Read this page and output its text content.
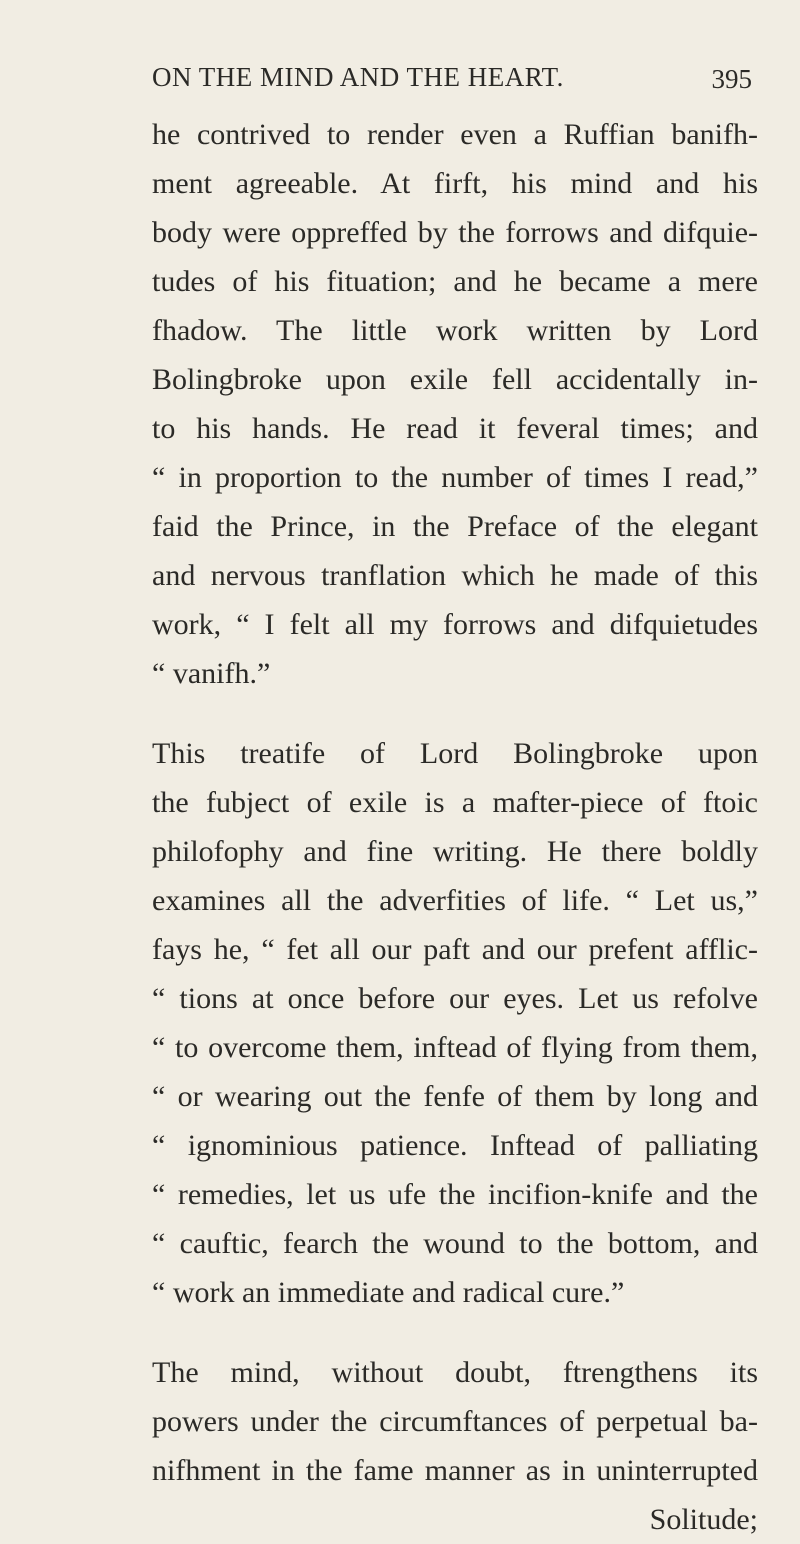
ON THE MIND AND THE HEART.	395
he contrived to render even a Ruffian banifh-
ment agreeable. At firft, his mind and his
body were oppreffed by the forrows and difquie-
tudes of his fituation; and he became a mere
fhadow. The little work written by Lord
Bolingbroke upon exile fell accidentally in-
to his hands. He read it feveral times; and
“ in proportion to the number of times I read,”
faid the Prince, in the Preface of the elegant
and nervous tranflation which he made of this
work, “ I felt all my forrows and difquietudes
“ vanifh.”
This treatife of Lord Bolingbroke upon
the fubject of exile is a mafter-piece of ftoic
philofophy and fine writing. He there boldly
examines all the adverfities of life. “ Let us,”
fays he, “ fet all our paft and our prefent afflic-
“ tions at once before our eyes. Let us refolve
“ to overcome them, inftead of flying from them,
“ or wearing out the fenfe of them by long and
“ ignominious patience. Inftead of palliating
“ remedies, let us ufe the incifion-knife and the
“ cauftic, fearch the wound to the bottom, and
“ work an immediate and radical cure.”
The mind, without doubt, ftrengthens its
powers under the circumftances of perpetual ba-
nifhment in the fame manner as in uninterrupted
Solitude;
